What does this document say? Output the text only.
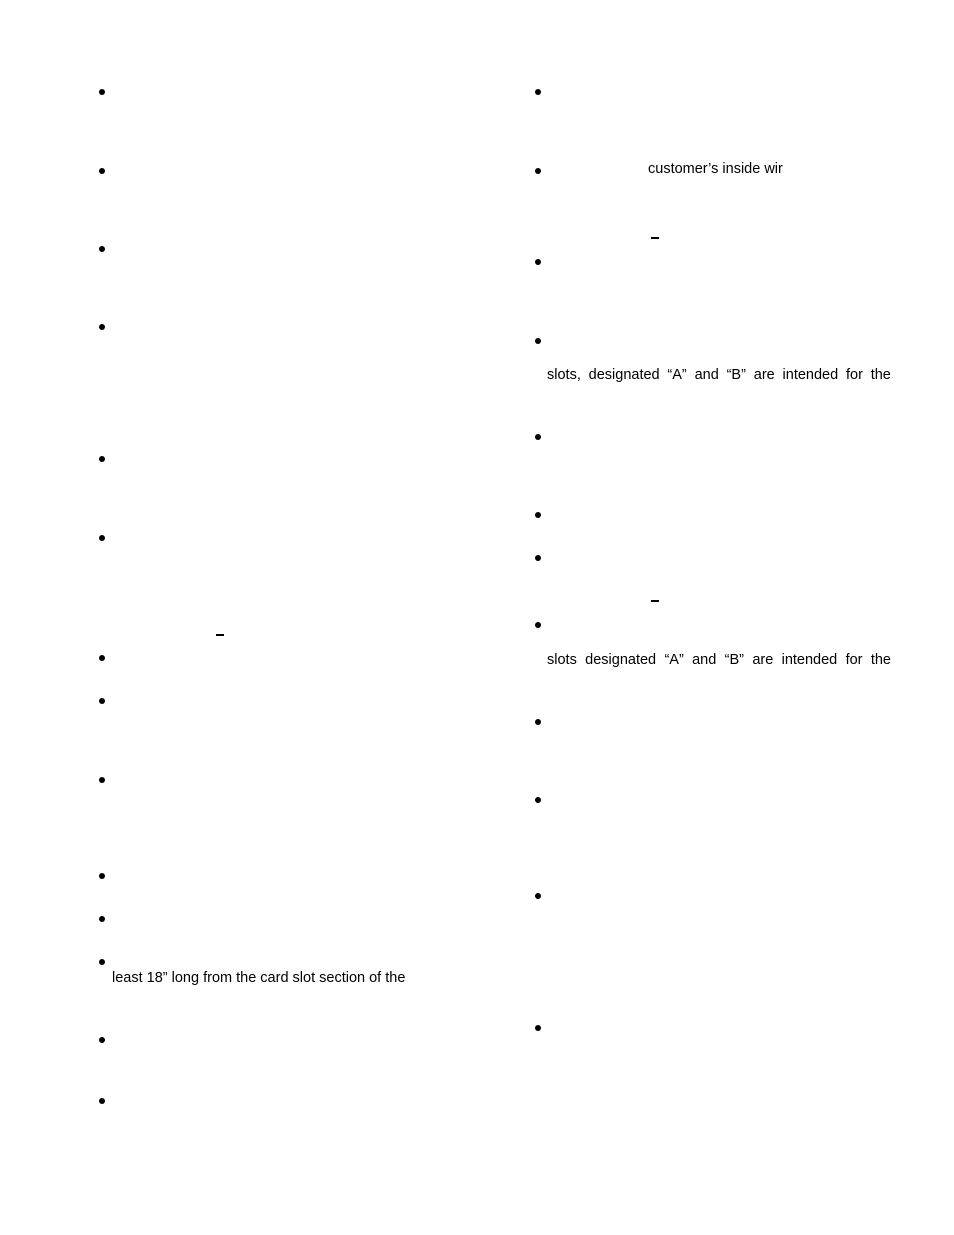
least 18” long from the card slot section of the
customer’s inside wir
slots, designated “A” and “B” are intended for the
slots designated “A” and “B” are intended for the
